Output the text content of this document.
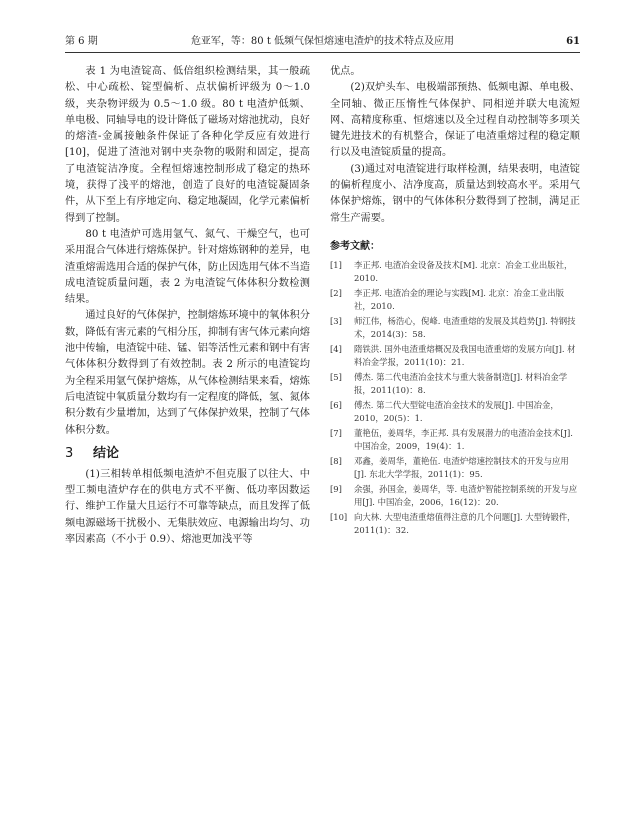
第 6 期	危亚军，等：80 t 低频气保恒熔速电渣炉的技术特点及应用	61

表 1 为电渣锭高、低倍组织检测结果，其一般疏松、中心疏松、锭型偏析、点状偏析评级为 0～1.0 级，夹杂物评级为 0.5～1.0 级。80 t 电渣炉低频、单电极、同轴导电的设计降低了磁场对熔池扰动，良好的熔渣-金属接触条件保证了各种化学反应有效进行[10]，促进了渣池对钢中夹杂物的吸附和固定，提高了电渣锭洁净度。全程恒熔速控制形成了稳定的热环境，获得了浅平的熔池，创造了良好的电渣锭凝固条件，从下至上有序地定向、稳定地凝固，化学元素偏析得到了控制。

80 t 电渣炉可选用氩气、氮气、干燥空气，也可采用混合气体进行熔炼保护。针对熔炼钢种的差异，电渣重熔需选用合适的保护气体，防止因选用气体不当造成电渣锭质量问题，表 2 为电渣锭气体体积分数检测结果。

通过良好的气体保护，控制熔炼环境中的氧体积分数，降低有害元素的气相分压，抑制有害气体元素向熔池中传输，电渣锭中硅、锰、铝等活性元素和钢中有害气体体积分数得到了有效控制。表 2 所示的电渣锭均为全程采用氩气保护熔炼，从气体检测结果来看，熔炼后电渣锭中氧质量分数均有一定程度的降低，氢、氮体积分数有少量增加，达到了气体保护效果，控制了气体体积分数。

3 结论

(1)三相转单相低频电渣炉不但克服了以往大、中型工频电渣炉存在的供电方式不平衡、低功率因数运行、维护工作量大且运行不可靠等缺点，而且发挥了低频电源磁场干扰极小、无集肤效应、电源输出均匀、功率因素高（不小于 0.9）、熔池更加浅平等

优点。

(2)双炉头车、电极端部预热、低频电源、单电极、全同轴、微正压惰性气体保护、同相逆并联大电流短网、高精度称重、恒熔速以及全过程自动控制等多项关键先进技术的有机整合，保证了电渣重熔过程的稳定顺行以及电渣锭质量的提高。

(3)通过对电渣锭进行取样检测，结果表明，电渣锭的偏析程度小、洁净度高，质量达到较高水平。采用气体保护熔炼，钢中的气体体积分数得到了控制，满足正常生产需要。

参考文献：
[1]	李正邦. 电渣冶金设备及技术[M]. 北京：冶金工业出版社，2010.
[2]	李正邦. 电渣冶金的理论与实践[M]. 北京：冶金工业出版社，2010.
[3]	师江伟，杨浩心，倪峰. 电渣重熔的发展及其趋势[J]. 特钢技术，2014(3)：58.
[4]	隋铁洪. 国外电渣重熔概况及我国电渣重熔的发展方向[J]. 材料冶金学报，2011(10)：21.
[5]	傅杰. 第二代电渣冶金技术与重大装备制造[J]. 材料冶金学报，2011(10)：8.
[6]	傅杰. 第二代大型锭电渣冶金技术的发展[J]. 中国冶金，2010，20(5)：1.
[7]	董艳伍，姜周华，李正邦. 具有发展潜力的电渣冶金技术[J]. 中国冶金，2009，19(4)：1.
[8]	邓鑫，姜周华，董艳伍. 电渣炉熔速控制技术的开发与应用[J]. 东北大学学报，2011(1)：95.
[9]	余强，孙国金，姜周华，等. 电渣炉智能控制系统的开发与应用[J]. 中国冶金，2006，16(12)：20.
[10] 向大林. 大型电渣重熔值得注意的几个问题[J]. 大型铸锻件，2011(1)：32.
